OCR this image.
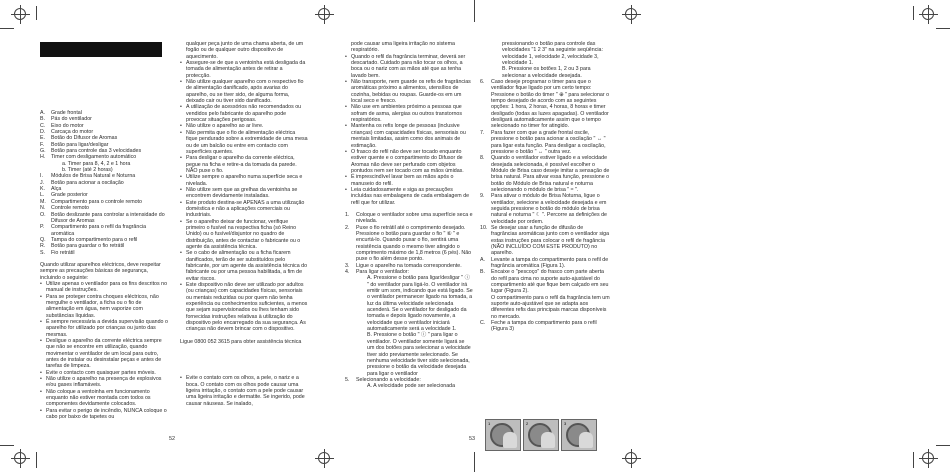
A.	Grade frontal
B.	Pás do ventilador
C.	Eixo do motor
D.	Carcaça do motor
E.	Botão do Difusor de Aromas
F.	Botão para ligar/desligar
G.	Botão para controle das 3 velocidades
H.	Timer com desligamento automático
a. Timer para 8, 4, 2 e 1 hora
b. Timer (até 2 horas)
I.	Módulos de Brisa Natural e Noturna
J.	Botão para acionar a oscilação
K.	Alça
L.	Grade posterior
M. Compartimento para o controle remoto
N.	Controle remoto
O.	Botão deslizante para controlar a intensidade do Difusor de Aromas
P.	Compartimento para o refil da fragrância aromática
Q.	Tampa do compartimento para o refil
R.	Botão para guardar o fio retrátil
S.	Fio retrátil

Quando utilizar aparelhos eléctricos, deve respeitar sempre as precauções básicas de segurança, incluindo o seguinte:

• Utilize apenas o ventilador para os fins descritos no manual de instruções.
• Para se proteger contra choques eléctricos, não mergulhe o ventilador, a ficha ou o fio de alimentação em água, nem vaporize com substâncias líquidas.
• É sempre necessária a devida supervisão quando o aparelho for utilizado por crianças ou junto das mesmas.
• Desligue o aparelho da corrente eléctrica sempre que não se encontre em utilização, quando movimentar o ventilador de um local para outro, antes de instalar ou desinstalar peças e antes de tarefas de limpeza.
• Evite o contacto com quaisquer partes móveis.
• Não utilize o aparelho na presença de explosivos e/ou gases inflamáveis.
• Não coloque a ventoinha em funcionamento enquanto não estiver montada com todos os componentes devidamente colocados.
• Para evitar o perigo de incêndio, NUNCA coloque o cabo por baixo de tapetes ou

qualquer peça junto de uma chama aberta, de um fogão ou de qualquer outro dispositivo de aquecimento.

• Assegure-se de que a ventoinha está desligada da tomada de alimentação antes de retirar a protecção.
• Não utilize qualquer aparelho com o respectivo fio de alimentação danificado, após avarias do aparelho, ou se tiver sido, de alguma forma, deixado cair ou tiver sido danificado.
• A utilização de acessórios não recomendados ou vendidos pelo fabricante do aparelho pode provocar situações perigosas.
• Não utilize o aparelho ao ar livre.
• Não permita que o fio de alimentação eléctrica fique pendurado sobre a extremidade de uma mesa ou de um balcão ou entre em contacto com superfícies quentes.
• Para desligar o aparelho da corrente eléctrica, pegue na ficha e retire-a da tomada da parede. NÃO puxe o fio.
• Utilize sempre o aparelho numa superfície seca e nivelada.
• Não utilize sem que as grelhas da ventoinha se encontrem devidamente instaladas.
• Este produto destina-se APENAS a uma utilização doméstica e não a aplicações comerciais ou industriais.
• Se o aparelho deixar de funcionar, verifique primeiro o fusível na respectiva ficha (só Reino Unido) ou o fusível/disjuntor no quadro de distribuição, antes de contactar o fabricante ou o agente da assistência técnica.
• Se o cabo de alimentação ou a ficha ficarem danificados, terão de ser substituídos pelo fabricante, por um agente da assistência técnica do fabricante ou por uma pessoa habilitada, a fim de evitar riscos.
• Este dispositivo não deve ser utilizado por adultos (ou crianças) com capacidades físicas, sensoriais ou mentais reduzidas ou por quem não tenha experiência ou conhecimentos suficientes, a menos que sejam supervisionados ou lhes tenham sido fornecidas instruções relativas à utilização do dispositivo pelo encarregado da sua segurança. As crianças não devem brincar com o dispositivo.

Ligue 0800 052 3615 para obter assistência técnica

• Evite o contato com os olhos, a pele, o nariz e a boca. O contato com os olhos pode causar uma ligeira irritação, o contato com a pele pode causar uma ligeira irritação e dermatite. Se ingerido, pode causar náuseas. Se inalado,

pode causar uma ligeira irritação no sistema respiratório.

• Quando o refil da fragrância terminar, deverá ser descartado. Cuidado para não tocar os olhos, a boca ou o nariz com as mãos até que as tenha lavado bem.
• Não transporte, nem guarde os refis de fragrâncias aromáticas próximo a alimentos, utensílios de cozinha, bebidas ou roupas. Guarde-os em um local seco e fresco.
• Não use em ambientes próximo a pessoas que sofram de asma, alergias ou outros transtornos respiratórios.
• Mantenha os refis longe de pessoas (inclusive crianças) com capacidades físicas, sensoriais ou mentais limitadas, assim como dos animais de estimação.
• O frasco do refil não deve ser tocado enquanto estiver quente e o compartimento do Difusor de Aromas não deve ser perfurado com objetos pontudos nem ser tocado com as mãos úmidas.
• É imprescindível lavar bem as mãos após o manuseio do refil.
• Leia cuidadosamente e siga as precauções incluídas nas embalagens de cada embalagem de refil que for utilizar.
1.	Coloque o ventilador sobre uma superfície seca e nivelada.
2.	Puxe o fio retrátil até o comprimento desejado. Pressione o botão para guardar o fio " ⑥ " e encurtá-lo. Quando puxar o fio, sentirá uma resistência quando o mesmo tiver atingido o comprimento máximo de 1,8 metros (6 pés). Não puxe o fio além desse ponto.
3.	Ligue o aparelho na tomada correspondente.
4.	Para ligar o ventilador:
A. Pressione o botão para ligar/desligar " ⓘ " do ventilador para ligá-lo. O ventilador irá emitir um som, indicando que está ligado. Se o ventilador permanecer ligado na tomada, a luz da última velocidade selecionada acenderá. Se o ventilador for desligado da tomada e depois ligado novamente, a velocidade que o ventilador iniciará automaticamente será a velocidade 1.
B. Pressione o botão " ⓘ " para ligar o ventilador. O ventilador somente ligará se um dos botões para selecionar a velocidade tiver sido previamente selecionado. Se nenhuma velocidade tiver sido selecionada, pressione o botão da velocidade desejada para ligar o ventilador
5.	Selecionando a velocidade:
A. A velocidade pode ser selecionada
pressionando o botão para controle das velocidades "1 2 3" na seguinte seqüência: velocidade 1, velocidade 2, velocidade 3, velocidade 1.
B. Pressione os botões 1, 2 ou 3 para selecionar a velocidade desejada.
6.	Caso deseje programar o timer para que o ventilador fique ligado por um certo tempo: Pressione o botão do timer " ⊕ " para selecionar o tempo desejado de acordo com as seguintes opções: 1 hora, 2 horas, 4 horas, 8 horas e timer desligado (todas as luzes apagadas). O ventilador desligará automaticamente assim que o tempo selecionado no timer for atingido.
7.	Para fazer com que a grade frontal oscile, pressione o botão para acionar a oscilação " ↔ " para ligar esta função. Para desligar a oscilação, pressione o botão " ↔ " outra vez.
8.	Quando o ventilador estiver ligado e a velocidade desejada selecionada, é possível escolher o Módulo de Brisa caso deseje imitar a sensação de brisa natural. Para ativar essa função, pressione o botão do Módulo de Brisa natural e noturna selecionando o módulo de brisa " ≈ ".
9.	Para ativar o módulo de Brisa Noturna, ligue o ventilador, selecione a velocidade desejada e em seguida pressione o botão do módulo de brisa natural e noturna " ☾ ". Percorre as definições de velocidade por ordem.
10. Se desejar usar a função de difusão de fragrâncias aromáticas junto com o ventilador siga estas instruções para colocar o refil de fragância (NÃO INCLUÍDO COM ESTE PRODUTO) no aparelho.
A.	Levante a tampa do compartimento para o refil de fragrância aromática (Figura 1).
B.	Encaixe o "pescoço" do frasco com parte aberta do refil para cima no suporte auto-ajustável do compartimento até que fique bem calçado em seu lugar (Figura 2).
O compartimento para o refil da fragrância tem um suporte auto-ajustável que se adapta aos diferentes refis das principais marcas disponíveis no mercado.
C.	Feche a tampa do compartimento para o refil (Figura 3)
1	2	3
52	53
